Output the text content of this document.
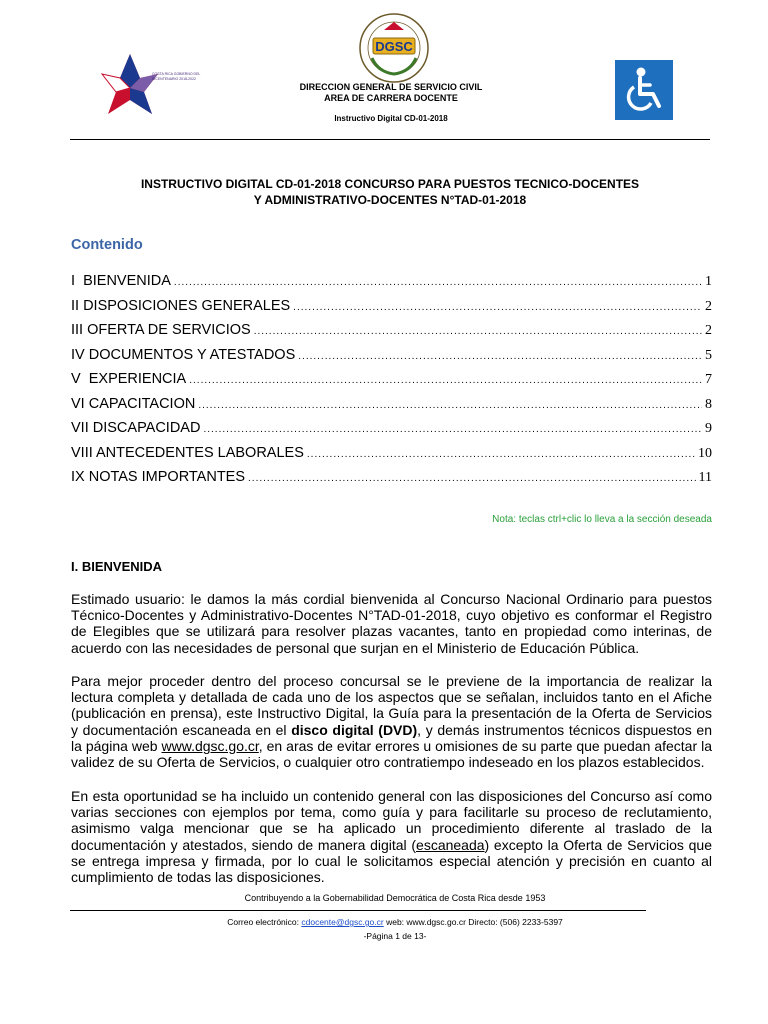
COSTA RICA GOBIERNO DEL BICENTENARIO 2018-2022
DGSC
DIRECCION GENERAL DE SERVICIO CIVIL
AREA DE CARRERA DOCENTE
Instructivo Digital CD-01-2018
INSTRUCTIVO DIGITAL CD-01-2018 CONCURSO PARA PUESTOS TECNICO-DOCENTES
Y ADMINISTRATIVO-DOCENTES N°TAD-01-2018
Contenido
I  BIENVENIDA .....	1
II DISPOSICIONES GENERALES .....	2
III OFERTA DE SERVICIOS .....	2
IV DOCUMENTOS Y ATESTADOS .....	5
V  EXPERIENCIA .....	7
VI CAPACITACION .....	8
VII DISCAPACIDAD .....	9
VIII ANTECEDENTES LABORALES .....	10
IX NOTAS IMPORTANTES .....	11
Nota: teclas ctrl+clic lo lleva a la sección deseada
I. BIENVENIDA

Estimado usuario: le damos la más cordial bienvenida al Concurso Nacional Ordinario para puestos Técnico-Docentes y Administrativo-Docentes N°TAD-01-2018, cuyo objetivo es conformar el Registro de Elegibles que se utilizará para resolver plazas vacantes, tanto en propiedad como interinas, de acuerdo con las necesidades de personal que surjan en el Ministerio de Educación Pública.

Para mejor proceder dentro del proceso concursal se le previene de la importancia de realizar la lectura completa y detallada de cada uno de los aspectos que se señalan, incluidos tanto en el Afiche (publicación en prensa), este Instructivo Digital, la Guía para la presentación de la Oferta de Servicios y documentación escaneada en el disco digital (DVD), y demás instrumentos técnicos dispuestos en la página web www.dgsc.go.cr, en aras de evitar errores u omisiones de su parte que puedan afectar la validez de su Oferta de Servicios, o cualquier otro contratiempo indeseado en los plazos establecidos.

En esta oportunidad se ha incluido un contenido general con las disposiciones del Concurso así como varias secciones con ejemplos por tema, como guía y para facilitarle su proceso de reclutamiento, asimismo valga mencionar que se ha aplicado un procedimiento diferente al traslado de la documentación y atestados, siendo de manera digital (escaneada) excepto la Oferta de Servicios que se entrega impresa y firmada, por lo cual le solicitamos especial atención y precisión en cuanto al cumplimiento de todas las disposiciones.

Contribuyendo a la Gobernabilidad Democrática de Costa Rica desde 1953
Correo electrónico: cdocente@dgsc.go.cr web: www.dgsc.go.cr Directo: (506) 2233-5397
-Página 1 de 13-
